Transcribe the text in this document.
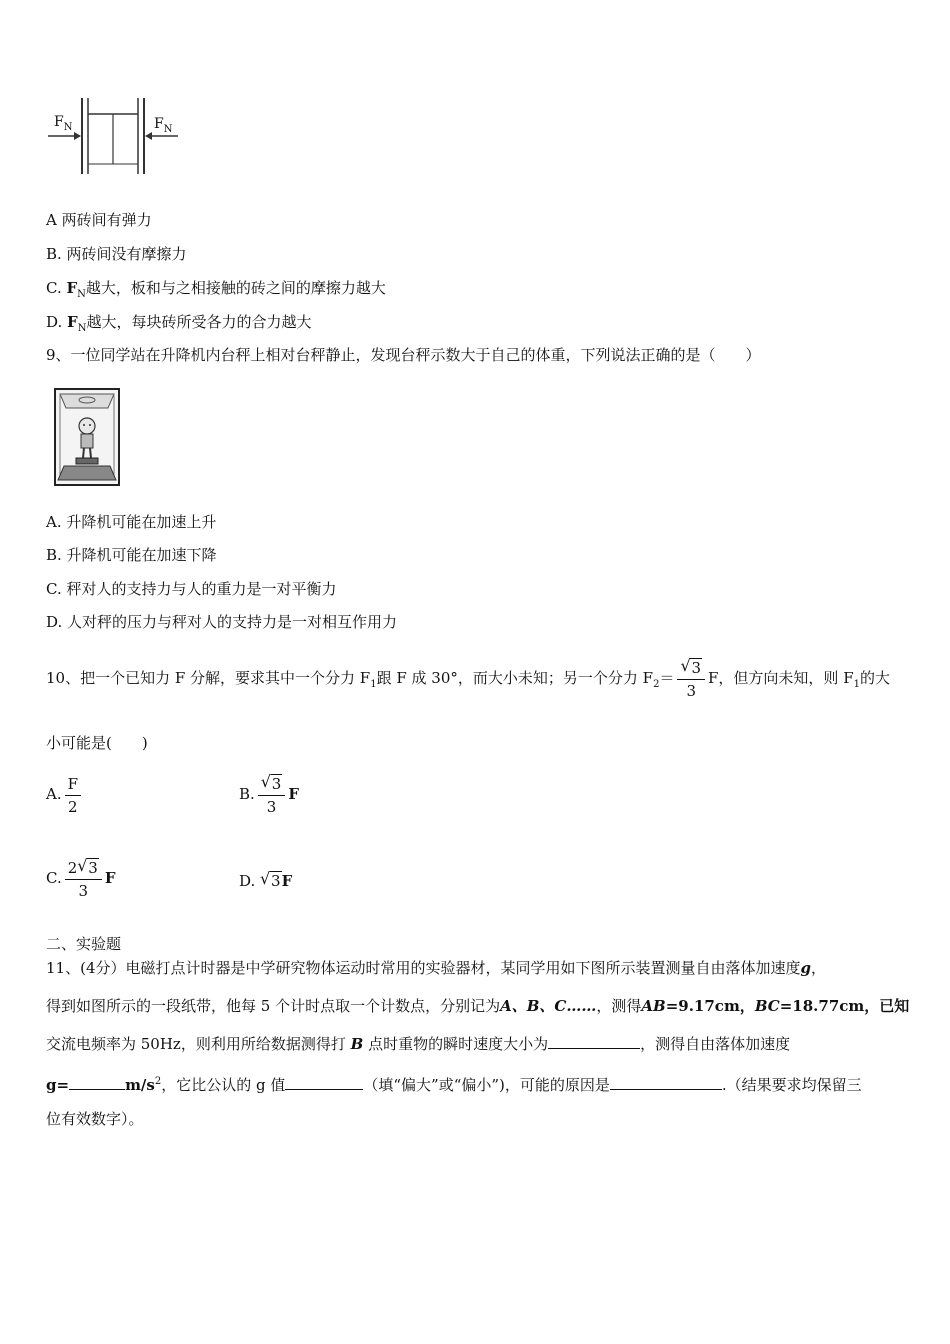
$F_N$	$F_N$
A 两砖间有弹力
B. 两砖间没有摩擦力
C. $F_N$越大，板和与之相接触的砖之间的摩擦力越大
D. $F_N$越大，每块砖所受各力的合力越大
9、一位同学站在升降机内台秤上相对台秤静止，发现台秤示数大于自己的体重，下列说法正确的是（　　）
A. 升降机可能在加速上升
B. 升降机可能在加速下降
C. 秤对人的支持力与人的重力是一对平衡力
D. 人对秤的压力与秤对人的支持力是一对相互作用力
10、把一个已知力 F 分解，要求其中一个分力 $F_1$跟 F 成 30°，而大小未知；另一个分力 $F_2= \frac{√ 3}{3}$ F，但方向未知，则 $F_1$的大
小可能是(　　)
A. $\frac{F}{2}$	B. $\frac{√ 3}{3}$ F
C. $\frac{2 √ 3}{3}$ F	D. √ 3F
二、实验题
11、(4分）电磁打点计时器是中学研究物体运动时常用的实验器材，某同学用如下图所示装置测量自由落体加速度g，
得到如图所示的一段纸带，他每 5 个计时点取一个计数点，分别记为A、B、C……，测得AB=9.17cm，BC=18.77cm，已知
交流电频率为 50Hz，则利用所给数据测得打 B 点时重物的瞬时速度大小为	，测得自由落体加速度
g=	$m/s^2$，它比公认的 g 值	（填“偏大”或“偏小”)，可能的原因是	.（结果要求均保留三
位有效数字）。
